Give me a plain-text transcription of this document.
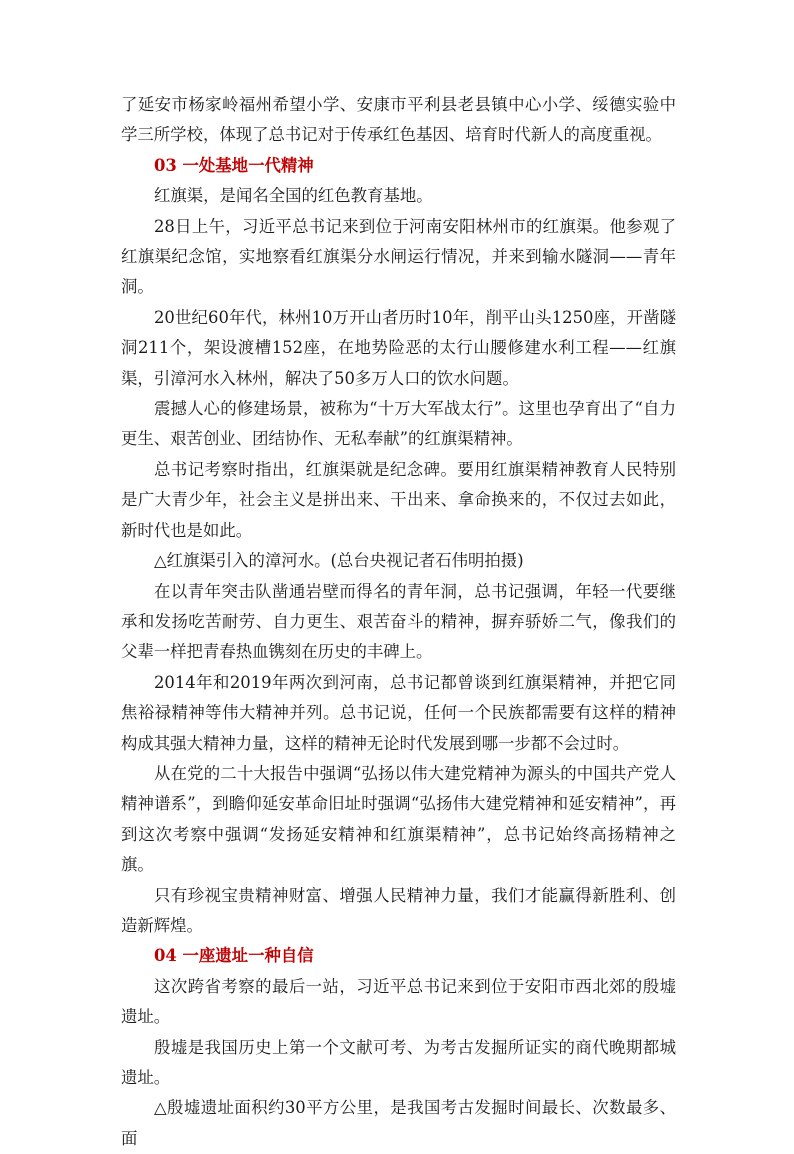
了延安市杨家岭福州希望小学、安康市平利县老县镇中心小学、绥德实验中学三所学校，体现了总书记对于传承红色基因、培育时代新人的高度重视。

03 一处基地一代精神

红旗渠，是闻名全国的红色教育基地。

28日上午，习近平总书记来到位于河南安阳林州市的红旗渠。他参观了红旗渠纪念馆，实地察看红旗渠分水闸运行情况，并来到输水隧洞——青年洞。

20世纪60年代，林州10万开山者历时10年，削平山头1250座，开凿隧洞211个，架设渡槽152座，在地势险恶的太行山腰修建水利工程——红旗渠，引漳河水入林州，解决了50多万人口的饮水问题。

震撼人心的修建场景，被称为“十万大军战太行”。这里也孕育出了“自力更生、艰苦创业、团结协作、无私奉献”的红旗渠精神。

总书记考察时指出，红旗渠就是纪念碑。要用红旗渠精神教育人民特别是广大青少年，社会主义是拼出来、干出来、拿命换来的，不仅过去如此，新时代也是如此。

△红旗渠引入的漳河水。(总台央视记者石伟明拍摄)

在以青年突击队凿通岩壁而得名的青年洞，总书记强调，年轻一代要继承和发扬吃苦耐劳、自力更生、艰苦奋斗的精神，摒弃骄娇二气，像我们的父辈一样把青春热血镌刻在历史的丰碑上。

2014年和2019年两次到河南，总书记都曾谈到红旗渠精神，并把它同焦裕禄精神等伟大精神并列。总书记说，任何一个民族都需要有这样的精神构成其强大精神力量，这样的精神无论时代发展到哪一步都不会过时。

从在党的二十大报告中强调“弘扬以伟大建党精神为源头的中国共产党人精神谱系”，到瞻仰延安革命旧址时强调“弘扬伟大建党精神和延安精神”，再到这次考察中强调“发扬延安精神和红旗渠精神”，总书记始终高扬精神之旗。

只有珍视宝贵精神财富、增强人民精神力量，我们才能赢得新胜利、创造新辉煌。

04 一座遗址一种自信

这次跨省考察的最后一站，习近平总书记来到位于安阳市西北郊的殷墟遗址。

殷墟是我国历史上第一个文献可考、为考古发掘所证实的商代晚期都城遗址。

△殷墟遗址面积约30平方公里，是我国考古发掘时间最长、次数最多、面
